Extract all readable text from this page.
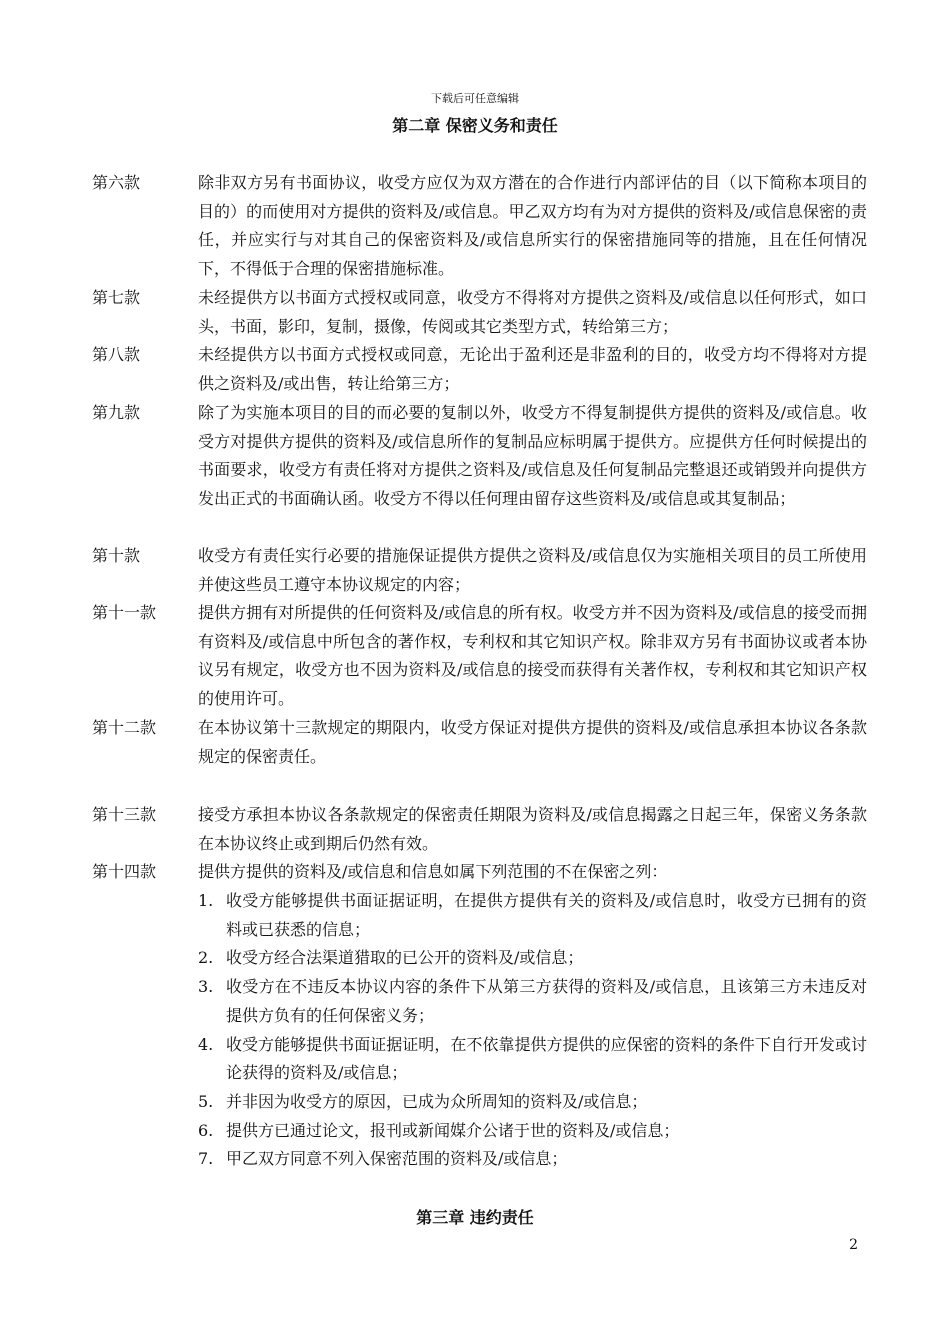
下载后可任意编辑
第二章 保密义务和责任
第六款	除非双方另有书面协议，收受方应仅为双方潜在的合作进行内部评估的目（以下简称本项目的目的）的而使用对方提供的资料及/或信息。甲乙双方均有为对方提供的资料及/或信息保密的责任，并应实行与对其自己的保密资料及/或信息所实行的保密措施同等的措施，且在任何情况下，不得低于合理的保密措施标准。
第七款	未经提供方以书面方式授权或同意，收受方不得将对方提供之资料及/或信息以任何形式，如口头，书面，影印，复制，摄像，传阅或其它类型方式，转给第三方；
第八款	未经提供方以书面方式授权或同意，无论出于盈利还是非盈利的目的，收受方均不得将对方提供之资料及/或出售，转让给第三方；
第九款	除了为实施本项目的目的而必要的复制以外，收受方不得复制提供方提供的资料及/或信息。收受方对提供方提供的资料及/或信息所作的复制品应标明属于提供方。应提供方任何时候提出的书面要求，收受方有责任将对方提供之资料及/或信息及任何复制品完整退还或销毁并向提供方发出正式的书面确认函。收受方不得以任何理由留存这些资料及/或信息或其复制品；
第十款	收受方有责任实行必要的措施保证提供方提供之资料及/或信息仅为实施相关项目的员工所使用并使这些员工遵守本协议规定的内容；
第十一款	提供方拥有对所提供的任何资料及/或信息的所有权。收受方并不因为资料及/或信息的接受而拥有资料及/或信息中所包含的著作权，专利权和其它知识产权。除非双方另有书面协议或者本协议另有规定，收受方也不因为资料及/或信息的接受而获得有关著作权，专利权和其它知识产权的使用许可。
第十二款	在本协议第十三款规定的期限内，收受方保证对提供方提供的资料及/或信息承担本协议各条款规定的保密责任。
第十三款	接受方承担本协议各条款规定的保密责任期限为资料及/或信息揭露之日起三年，保密义务条款在本协议终止或到期后仍然有效。
第十四款	提供方提供的资料及/或信息和信息如属下列范围的不在保密之列：
1. 收受方能够提供书面证据证明，在提供方提供有关的资料及/或信息时，收受方已拥有的资料或已获悉的信息；
2. 收受方经合法渠道猎取的已公开的资料及/或信息；
3. 收受方在不违反本协议内容的条件下从第三方获得的资料及/或信息，且该第三方未违反对提供方负有的任何保密义务；
4. 收受方能够提供书面证据证明，在不依靠提供方提供的应保密的资料的条件下自行开发或讨论获得的资料及/或信息；
5. 并非因为收受方的原因，已成为众所周知的资料及/或信息；
6. 提供方已通过论文，报刊或新闻媒介公诸于世的资料及/或信息；
7. 甲乙双方同意不列入保密范围的资料及/或信息；
第三章 违约责任
2
